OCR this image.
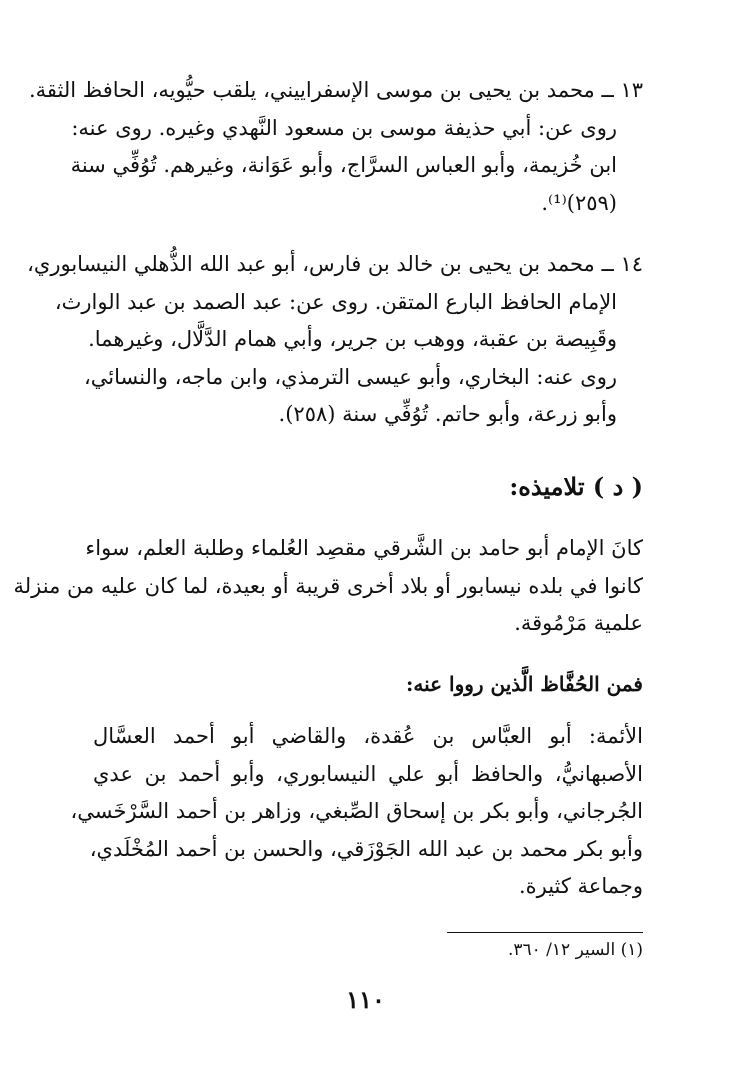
١٣ ــ محمد بن يحيى بن موسى الإسفراييني، يلقب حيُّويه، الحافظ الثقة.
روى عن: أبي حذيفة موسى بن مسعود النَّهدي وغيره. روى عنه:
ابن خُزيمة، وأبو العباس السرَّاج، وأبو عَوَانة، وغيرهم. تُوُفِّي سنة
(٢٥٩)⁽¹⁾.
١٤ ــ محمد بن يحيى بن خالد بن فارس، أبو عبد الله الذُّهلي النيسابوري،
الإمام الحافظ البارع المتقن. روى عن: عبد الصمد بن عبد الوارث،
وقَبِيصة بن عقبة، ووهب بن جرير، وأبي همام الدَّلَّال، وغيرهما.
روى عنه: البخاري، وأبو عيسى الترمذي، وابن ماجه، والنسائي،
وأبو زرعة، وأبو حاتم. تُوُفِّي سنة (٢٥٨).
( د ) تلاميذه:
كانَ الإمام أبو حامد بن الشَّرقي مقصِد العُلماء وطلبة العلم، سواء
كانوا في بلده نيسابور أو بلاد أخرى قريبة أو بعيدة، لما كان عليه من منزلة
علمية مَرْمُوقة.
فمن الحُفَّاظ الَّذين رووا عنه:
الأئمة: أبو العبَّاس بن عُقدة، والقاضي أبو أحمد العسَّال
الأصبهانيُّ، والحافظ أبو علي النيسابوري، وأبو أحمد بن عدي
الجُرجاني، وأبو بكر بن إسحاق الصِّبغي، وزاهر بن أحمد السَّرْخَسي،
وأبو بكر محمد بن عبد الله الجَوْزَقي، والحسن بن أحمد المُخْلَدي،
وجماعة كثيرة.
(١) السير ١٢/ ٣٦٠.
١١٠
